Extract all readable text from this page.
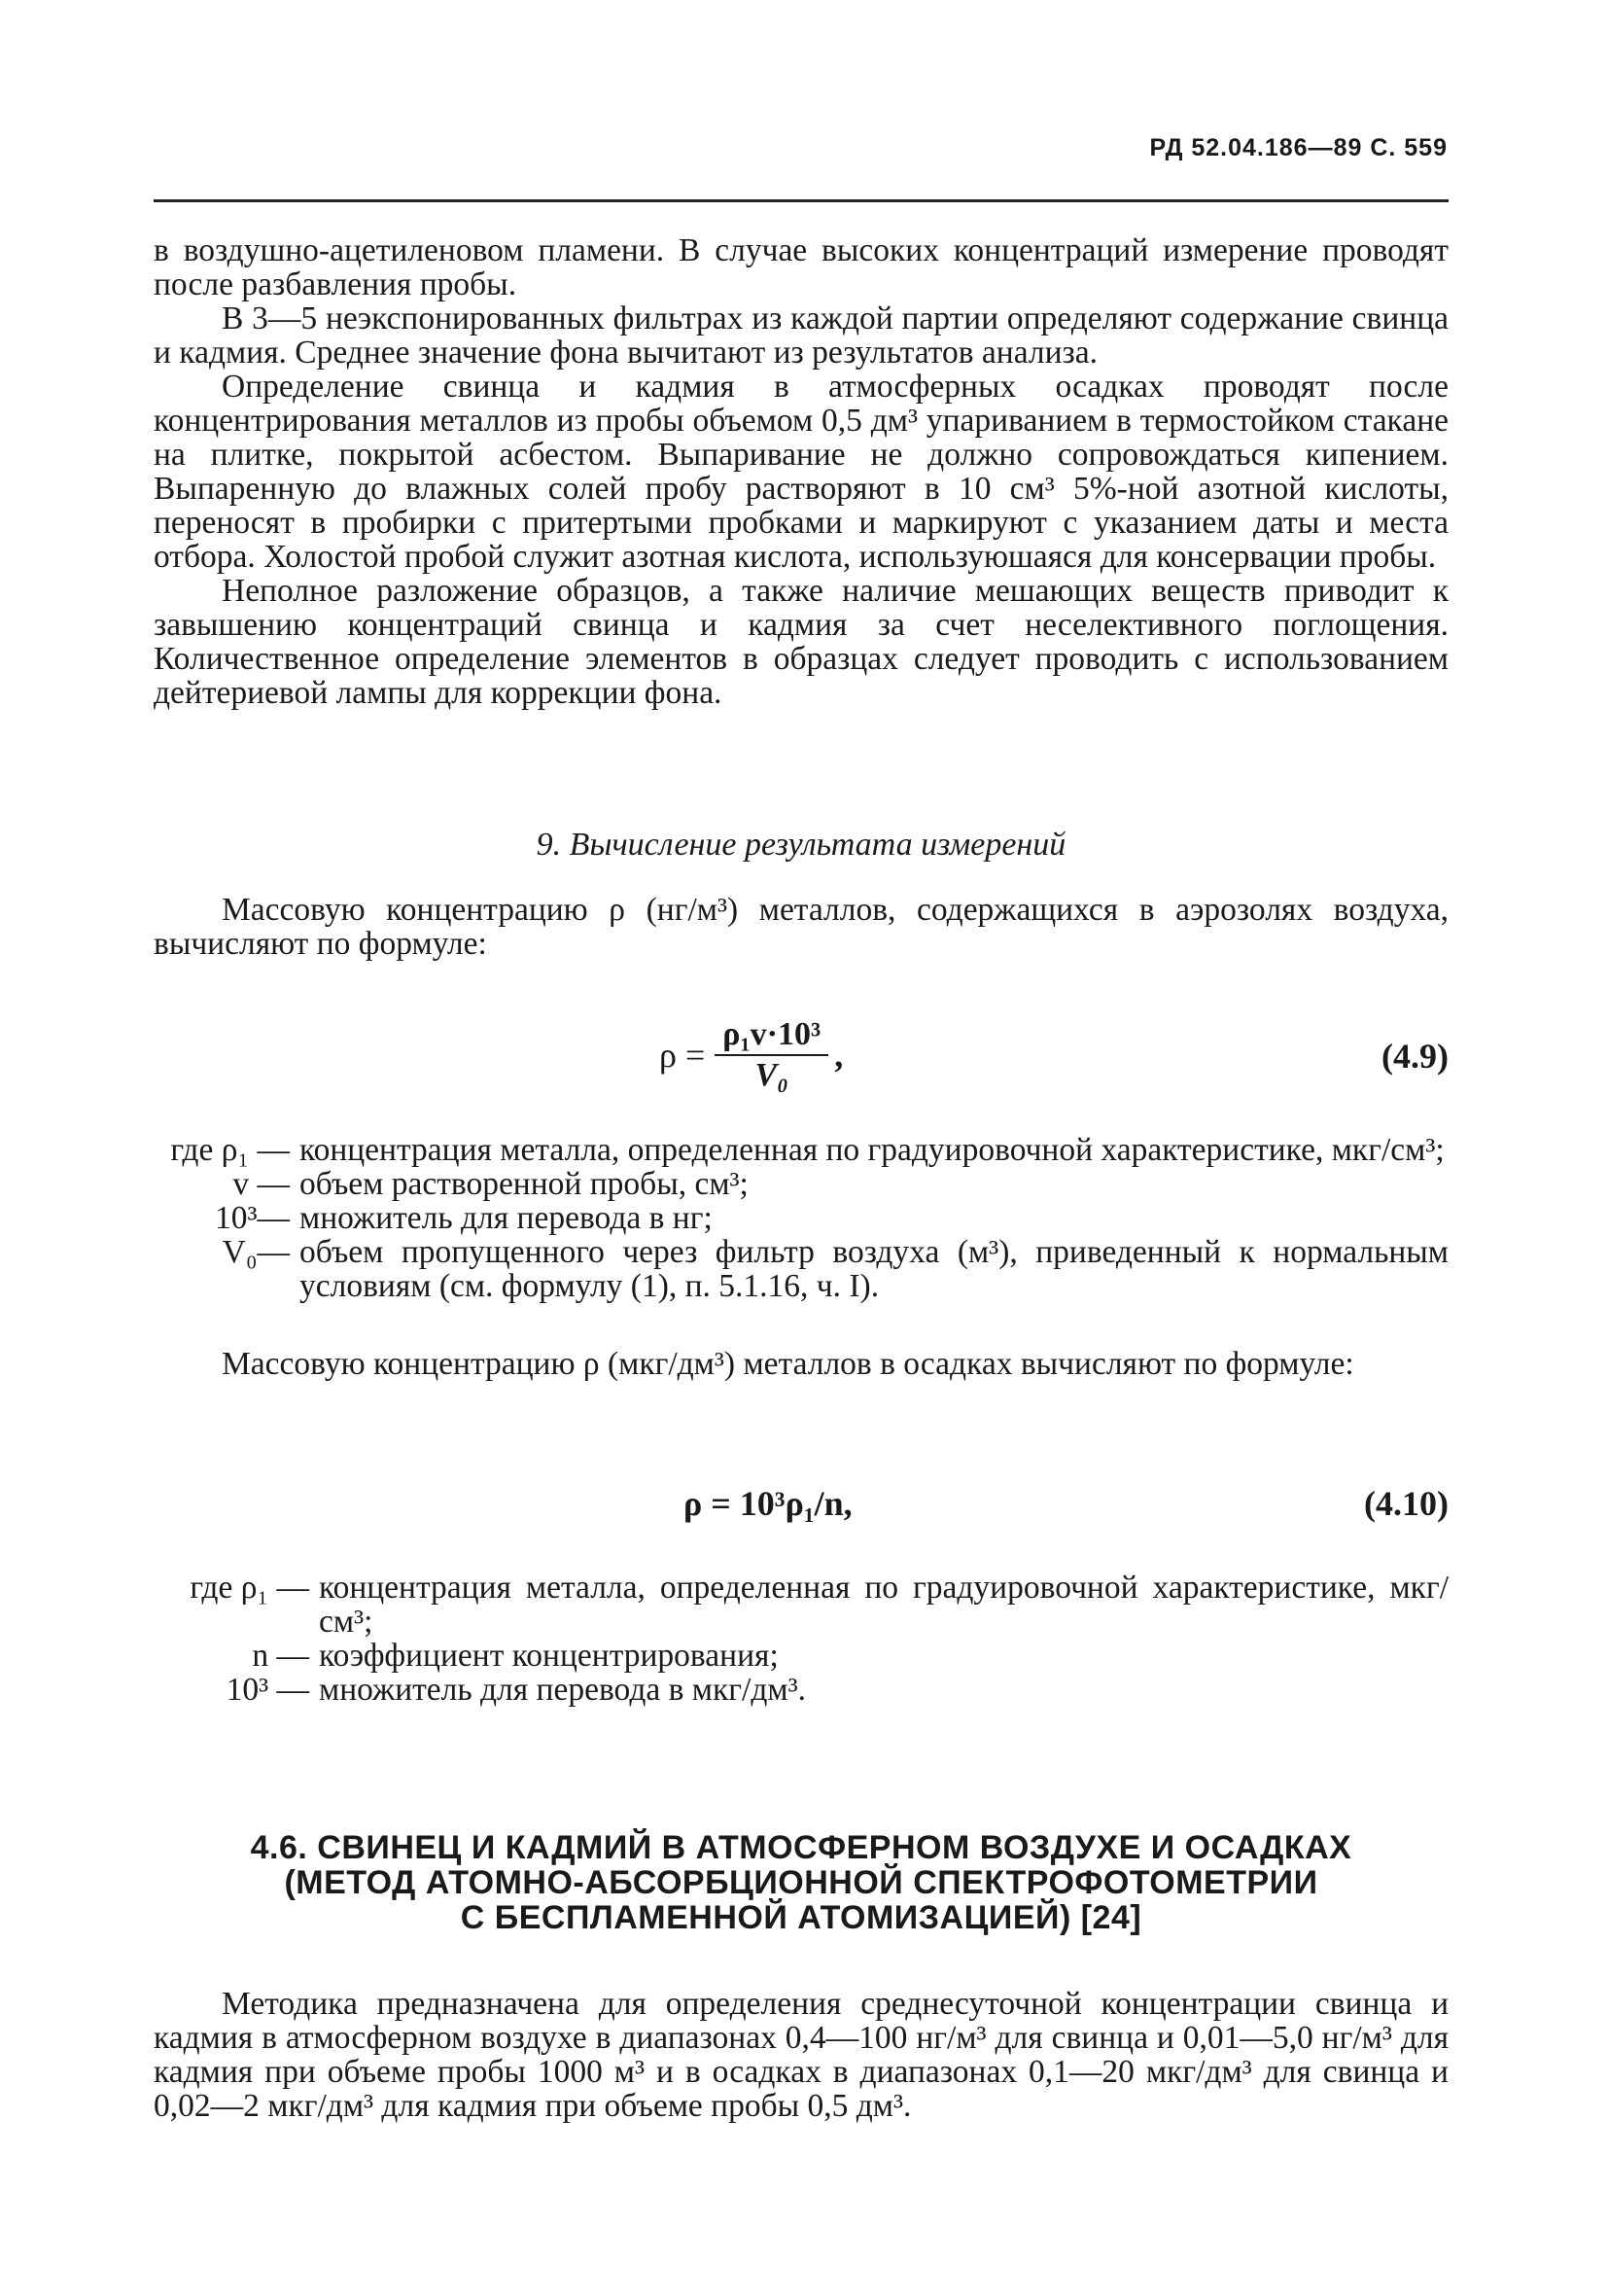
РД 52.04.186—89 С. 559

в воздушно-ацетиленовом пламени. В случае высоких концентраций измерение проводят после разбавления пробы.

В 3—5 неэкспонированных фильтрах из каждой партии определяют содержание свинца и кадмия. Среднее значение фона вычитают из результатов анализа.

Определение свинца и кадмия в атмосферных осадках проводят после концентрирования металлов из пробы объемом 0,5 дм³ упариванием в термостойком стакане на плитке, покрытой асбестом. Выпаривание не должно сопровождаться кипением. Выпаренную до влажных солей пробу растворяют в 10 см³ 5%-ной азотной кислоты, переносят в пробирки с притертыми пробками и маркируют с указанием даты и места отбора. Холостой пробой служит азотная кислота, используюшаяся для консервации пробы.

Неполное разложение образцов, а также наличие мешающих веществ приводит к завышению концентраций свинца и кадмия за счет неселективного поглощения. Количественное определение элементов в образцах следует проводить с использованием дейтериевой лампы для коррекции фона.

9. Вычисление результата измерений
Массовую концентрацию ρ (нг/м³) металлов, содержащихся в аэрозолях воздуха, вычисляют по формуле:
$\rho = \frac{\text{ρ₁v·10³}}{\text{V₀}}$ ,	(4.9)
где ρ₁ — концентрация металла, определенная по градуировочной характеристике, мкг/см³;
v — объем растворенной пробы, см³;
10³— множитель для перевода в нг;
V₀— объем пропущенного через фильтр воздуха (м³), приведенный к нормальным условиям (см. формулу (1), п. 5.1.16, ч. I).
Массовую концентрацию ρ (мкг/дм³) металлов в осадках вычисляют по формуле:
ρ = 10³ρ₁/n,	(4.10)
где ρ₁ — концентрация металла, определенная по градуировочной характеристике, мкг/см³;
n — коэффициент концентрирования;
10³ — множитель для перевода в мкг/дм³.
4.6. СВИНЕЦ И КАДМИЙ В АТМОСФЕРНОМ ВОЗДУХЕ И ОСАДКАХ
(МЕТОД АТОМНО-АБСОРБЦИОННОЙ СПЕКТРОФОТОМЕТРИИ
С БЕСПЛАМЕННОЙ АТОМИЗАЦИЕЙ) [24]
Методика предназначена для определения среднесуточной концентрации свинца и кадмия в атмосферном воздухе в диапазонах 0,4—100 нг/м³ для свинца и 0,01—5,0 нг/м³ для кадмия при объеме пробы 1000 м³ и в осадках в диапазонах 0,1—20 мкг/дм³ для свинца и 0,02—2 мкг/дм³ для кадмия при объеме пробы 0,5 дм³.
